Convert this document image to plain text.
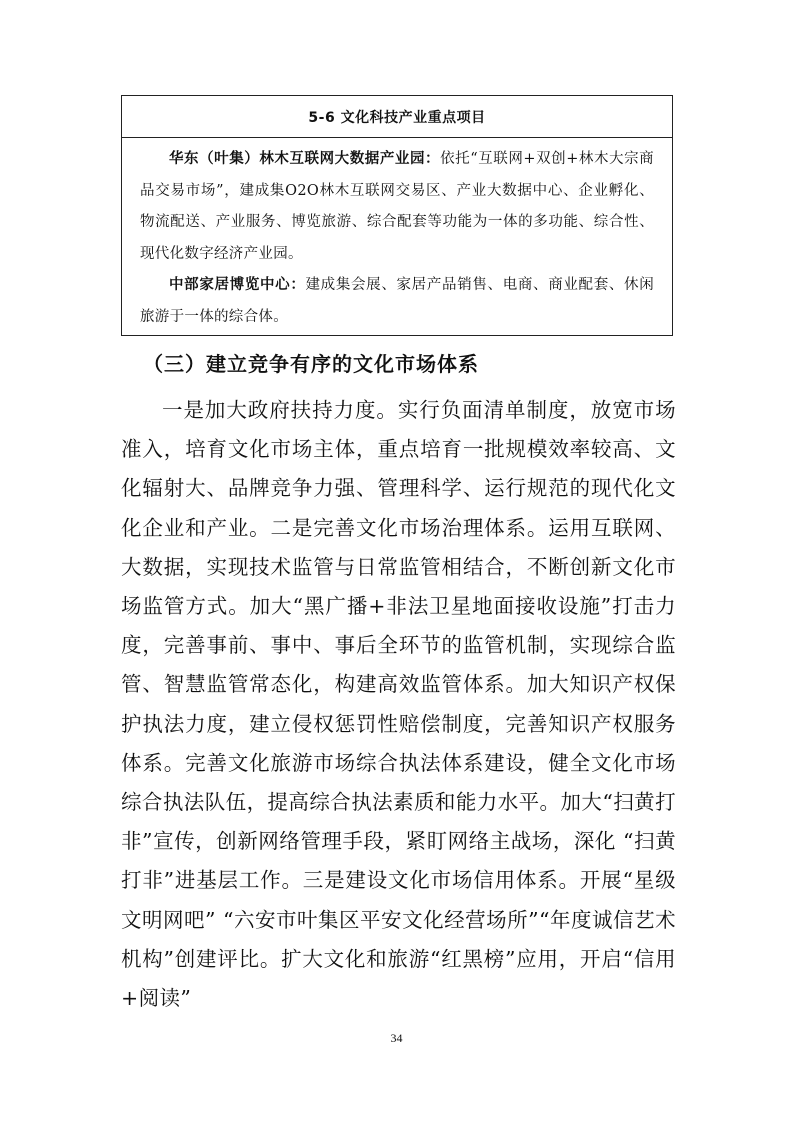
5-6 文化科技产业重点项目

华东（叶集）林木互联网大数据产业园：依托“互联网+双创+林木大宗商品交易市场”，建成集O2O林木互联网交易区、产业大数据中心、企业孵化、物流配送、产业服务、博览旅游、综合配套等功能为一体的多功能、综合性、现代化数字经济产业园。

中部家居博览中心：建成集会展、家居产品销售、电商、商业配套、休闲旅游于一体的综合体。

（三）建立竞争有序的文化市场体系

一是加大政府扶持力度。实行负面清单制度，放宽市场准入，培育文化市场主体，重点培育一批规模效率较高、文化辐射大、品牌竞争力强、管理科学、运行规范的现代化文化企业和产业。二是完善文化市场治理体系。运用互联网、大数据，实现技术监管与日常监管相结合，不断创新文化市场监管方式。加大“黑广播+非法卫星地面接收设施”打击力度，完善事前、事中、事后全环节的监管机制，实现综合监管、智慧监管常态化，构建高效监管体系。加大知识产权保护执法力度，建立侵权惩罚性赔偿制度，完善知识产权服务体系。完善文化旅游市场综合执法体系建设，健全文化市场综合执法队伍，提高综合执法素质和能力水平。加大“扫黄打非”宣传，创新网络管理手段，紧盯网络主战场，深化 “扫黄打非”进基层工作。三是建设文化市场信用体系。开展“星级文明网吧” “六安市叶集区平安文化经营场所”“年度诚信艺术机构”创建评比。扩大文化和旅游“红黑榜”应用，开启“信用+阅读”

34
